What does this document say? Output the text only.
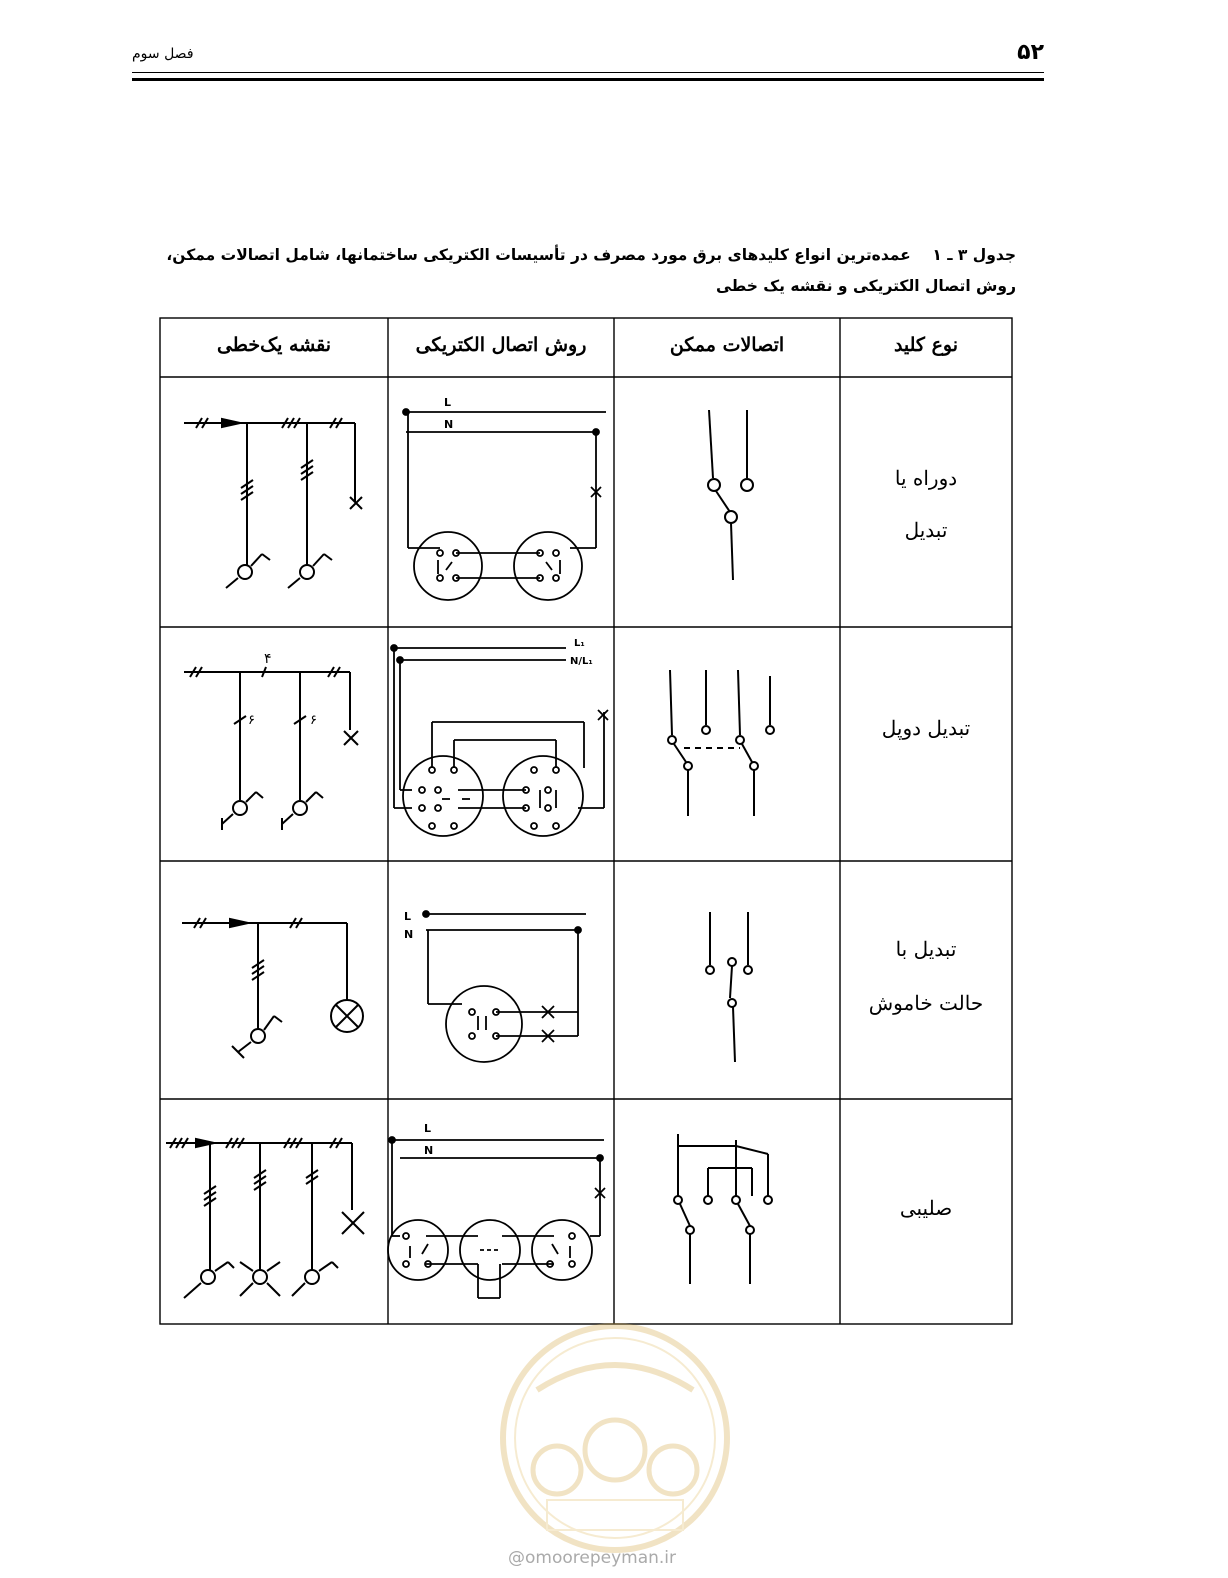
۵۲
فصل سوم
جدول ۳ ـ ۱    عمده‌ترین انواع کلیدهای برق مورد مصرف در تأسیسات الکتریکی ساختمانها، شامل اتصالات ممکن، روش اتصال الکتریکی و نقشه یک خطی
L
N
۴
۶	۶
L₁
N/L₁
L
N
L
N
نوع کلید
اتصالات ممکن
روش اتصال الکتریکی
نقشه یک‌خطی
دوراه یا
تبدیل
تبدیل دوپل
تبدیل با
حالت خاموش
صلیبی
@omoorepeyman.ir
